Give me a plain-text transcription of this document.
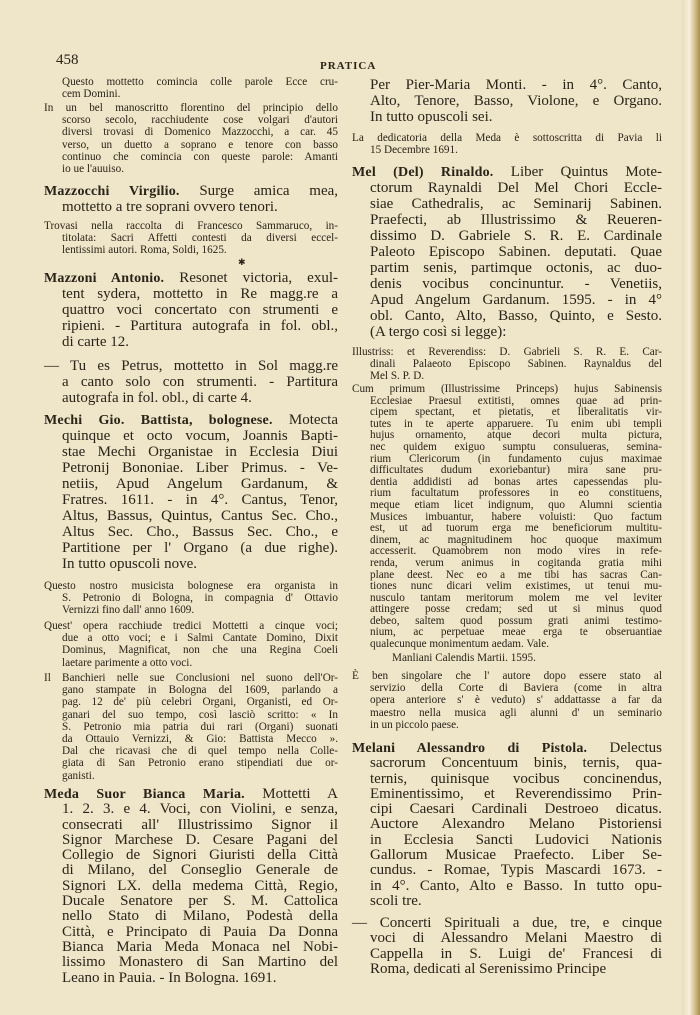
458	PRATICA
✱
Questo mottetto comincia colle parole Ecce cru-
cem Domini.
In un bel manoscritto florentino del principio dello
scorso secolo, racchiudente cose volgari d'autori
diversi trovasi di Domenico Mazzocchi, a car. 45
verso, un duetto a soprano e tenore con basso
continuo che comincia con queste parole: Amanti
io ue l'auuiso.
Mazzocchi Virgilio. Surge amica mea,
mottetto a tre soprani ovvero tenori.
Trovasi nella raccolta di Francesco Sammaruco, in-
titolata: Sacri Affetti contesti da diversi eccel-
lentissimi autori. Roma, Soldi, 1625.
Mazzoni Antonio. Resonet victoria, exul-
tent sydera, mottetto in Re magg.re a
quattro voci concertato con strumenti e
ripieni. - Partitura autografa in fol. obl.,
di carte 12.
— Tu es Petrus, mottetto in Sol magg.re
a canto solo con strumenti. - Partitura
autografa in fol. obl., di carte 4.
Mechi Gio. Battista, bolognese. Motecta
quinque et octo vocum, Joannis Bapti-
stae Mechi Organistae in Ecclesia Diui
Petronij Bononiae. Liber Primus. - Ve-
netiis, Apud Angelum Gardanum, &
Fratres. 1611. - in 4°. Cantus, Tenor,
Altus, Bassus, Quintus, Cantus Sec. Cho.,
Altus Sec. Cho., Bassus Sec. Cho., e
Partitione per l' Organo (a due righe).
In tutto opuscoli nove.
Questo nostro musicista bolognese era organista in
S. Petronio di Bologna, in compagnia d' Ottavio
Vernizzi fino dall' anno 1609.
Quest' opera racchiude tredici Mottetti a cinque voci;
due a otto voci; e i Salmi Cantate Domino, Dixit
Dominus, Magnificat, non che una Regina Coeli
laetare parimente a otto voci.
Il Banchieri nelle sue Conclusioni nel suono dell'Or-
gano stampate in Bologna del 1609, parlando a
pag. 12 de' più celebri Organi, Organisti, ed Or-
ganari del suo tempo, così lasciò scritto: « In
S. Petronio mia patria dui rari (Organi) suonati
da Ottauio Vernizzi, & Gio: Battista Mecco ».
Dal che ricavasi che di quel tempo nella Colle-
giata di San Petronio erano stipendiati due or-
ganisti.
Meda Suor Bianca Maria. Mottetti A
1. 2. 3. e 4. Voci, con Violini, e senza,
consecrati all' Illustrissimo Signor il
Signor Marchese D. Cesare Pagani del
Collegio de Signori Giuristi della Città
di Milano, del Conseglio Generale de
Signori LX. della medema Città, Regio,
Ducale Senatore per S. M. Cattolica
nello Stato di Milano, Podestà della
Città, e Principato di Pauia Da Donna
Bianca Maria Meda Monaca nel Nobi-
lissimo Monastero di San Martino del
Leano in Pauia. - In Bologna. 1691.
Per Pier-Maria Monti. - in 4°. Canto,
Alto, Tenore, Basso, Violone, e Organo.
In tutto opuscoli sei.
La dedicatoria della Meda è sottoscritta di Pavia li
15 Decembre 1691.
Mel (Del) Rinaldo. Liber Quintus Mote-
ctorum Raynaldi Del Mel Chori Eccle-
siae Cathedralis, ac Seminarij Sabinen.
Praefecti, ab Illustrissimo & Reueren-
dissimo D. Gabriele S. R. E. Cardinale
Paleoto Episcopo Sabinen. deputati. Quae
partim senis, partimque octonis, ac duo-
denis vocibus concinuntur. - Venetiis,
Apud Angelum Gardanum. 1595. - in 4°
obl. Canto, Alto, Basso, Quinto, e Sesto.
(A tergo così si legge):
Illustriss: et Reverendiss: D. Gabrieli S. R. E. Car-
dinali Palaeoto Episcopo Sabinen. Raynaldus del
Mel S. P. D.
Cum primum (Illustrissime Princeps) hujus Sabinensis
Ecclesiae Praesul extitisti, omnes quae ad prin-
cipem spectant, et pietatis, et liberalitatis vir-
tutes in te aperte apparuere. Tu enim ubi templi
hujus ornamento, atque decori multa pictura,
nec quidem exiguo sumptu consulueras, semina-
rium Clericorum (in fundamento cujus maximae
difficultates dudum exoriebantur) mira sane pru-
dentia addidisti ad bonas artes capessendas plu-
rium facultatum professores in eo constituens,
meque etiam licet indignum, quo Alumni scientia
Musices imbuantur, habere voluisti: Quo factum
est, ut ad tuorum erga me beneficiorum multitu-
dinem, ac magnitudinem hoc quoque maximum
accesserit. Quamobrem non modo vires in refe-
renda, verum animus in cogitanda gratia mihi
plane deest. Nec eo a me tibi has sacras Can-
tiones nunc dicari velim existimes, ut tenui mu-
nusculo tantam meritorum molem me vel leviter
attingere posse credam; sed ut si minus quod
debeo, saltem quod possum grati animi testimo-
nium, ac perpetuae meae erga te obseruantiae
qualecunque monimentum aedam. Vale.
Manliani Calendis Martii. 1595.
È ben singolare che l' autore dopo essere stato al
servizio della Corte di Baviera (come in altra
opera anteriore s' è veduto) s' addattasse a far da
maestro nella musica agli alunni d' un seminario
in un piccolo paese.
Melani Alessandro di Pistola. Delectus
sacrorum Concentuum binis, ternis, qua-
ternis, quinisque vocibus concinendus,
Eminentissimo, et Reverendissimo Prin-
cipi Caesari Cardinali Destroeo dicatus.
Auctore Alexandro Melano Pistoriensi
in Ecclesia Sancti Ludovici Nationis
Gallorum Musicae Praefecto. Liber Se-
cundus. - Romae, Typis Mascardi 1673. -
in 4°. Canto, Alto e Basso. In tutto opu-
scoli tre.
— Concerti Spirituali a due, tre, e cinque
voci di Alessandro Melani Maestro di
Cappella in S. Luigi de' Francesi di
Roma, dedicati al Serenissimo Principe
